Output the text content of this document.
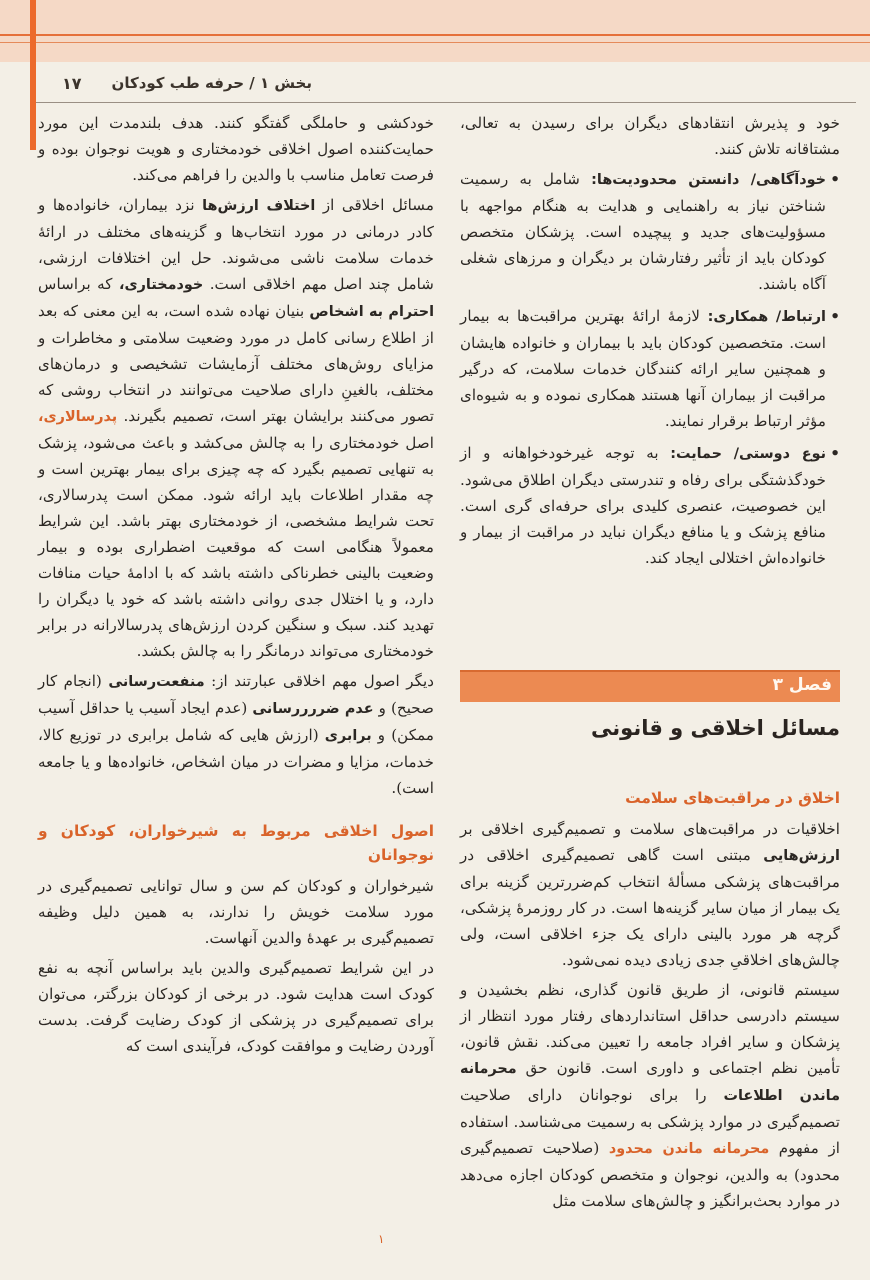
بخش ۱ / حرفه طب کودکان
۱۷

خود و پذیرش انتقادهای دیگران برای رسیدن به تعالی، مشتاقانه تلاش کنند.

•
خودآگاهی/ دانستن محدودیت‌ها: شامل به رسمیت شناختن نیاز به راهنمایی و هدایت به هنگام مواجهه با مسؤولیت‌های جدید و پیچیده است. پزشکان متخصص کودکان باید از تأثیر رفتارشان بر دیگران و مرزهای شغلی آگاه باشند.
•
ارتباط/ همکاری: لازمهٔ ارائهٔ بهترین مراقبت‌ها به بیمار است. متخصصین کودکان باید با بیماران و خانواده هایشان و همچنین سایر ارائه کنندگان خدمات سلامت، که درگیر مراقبت از بیماران آنها هستند همکاری نموده و به شیوه‌ای مؤثر ارتباط برقرار نمایند.
•
نوع دوستی/ حمایت: به توجه غیرخودخواهانه و از خودگذشتگی برای رفاه و تندرستی دیگران اطلاق می‌شود. این خصوصیت، عنصری کلیدی برای حرفه‌ای گری است. منافع پزشک و یا منافع دیگران نباید در مراقبت از بیمار و خانواده‌اش اختلالی ایجاد کند.
فصل ۳
مسائل اخلاقی و قانونی
اخلاق در مراقبت‌های سلامت

اخلاقیات در مراقبت‌های سلامت و تصمیم‌گیری اخلاقی بر ارزش‌هایی مبتنی است گاهی تصمیم‌گیری اخلاقی در مراقبت‌های پزشکی مسألهٔ انتخاب کم‌ضررترین گزینه برای یک بیمار از میان سایر گزینه‌ها است. در کار روزمرهٔ پزشکی، گرچه هر مورد بالینی دارای یک جزء اخلاقی است، ولی چالش‌های اخلاقیِ جدی زیادی دیده نمی‌شود.

سیستم قانونی، از طریق قانون گذاری، نظم بخشیدن و سیستم دادرسی حداقل استانداردهای رفتار مورد انتظار از پزشکان و سایر افراد جامعه را تعیین می‌کند. نقش قانون، تأمین نظم اجتماعی و داوری است. قانون حق محرمانه ماندن اطلاعات را برای نوجوانان دارای صلاحیت تصمیم‌گیری در موارد پزشکی به رسمیت می‌شناسد. استفاده از مفهوم محرمانه ماندن محدود (صلاحیت تصمیم‌گیری محدود) به والدین، نوجوان و متخصص کودکان اجازه می‌دهد در موارد بحث‌برانگیز و چالش‌های سلامت مثل

خودکشی و حاملگی گفتگو کنند. هدف بلندمدت این مورد حمایت‌کننده اصول اخلاقی خودمختاری و هویت نوجوان بوده و فرصت تعامل مناسب با والدین را فراهم می‌کند.

مسائل اخلاقی از اختلاف ارزش‌ها نزد بیماران، خانواده‌ها و کادر درمانی در مورد انتخاب‌ها و گزینه‌های مختلف در ارائهٔ خدمات سلامت ناشی می‌شوند. حل این اختلافات ارزشی، شامل چند اصل مهم اخلاقی است. خودمختاری، که براساس احترام به اشخاص بنیان نهاده شده است، به این معنی که بعد از اطلاع رسانی کامل در مورد وضعیت سلامتی و مخاطرات و مزایای روش‌های مختلف آزمایشات تشخیصی و درمان‌های مختلف، بالغینِ دارای صلاحیت می‌توانند در انتخاب روشی که تصور می‌کنند برایشان بهتر است، تصمیم بگیرند. پدرسالاری، اصل خودمختاری را به چالش می‌کشد و باعث می‌شود، پزشک به تنهایی تصمیم بگیرد که چه چیزی برای بیمار بهترین است و چه مقدار اطلاعات باید ارائه شود. ممکن است پدرسالاری، تحت شرایط مشخصی، از خودمختاری بهتر باشد. این شرایط معمولاً هنگامی است که موقعیت اضطراری بوده و بیمار وضعیت بالینی خطرناکی داشته باشد که با ادامهٔ حیات منافات دارد، و یا اختلال جدی روانی داشته باشد که خود یا دیگران را تهدید کند. سبک و سنگین کردن ارزش‌های پدرسالارانه در برابر خودمختاری می‌تواند درمانگر را به چالش بکشد.

دیگر اصول مهم اخلاقی عبارتند از: منفعت‌رسانی (انجام کار صحیح) و عدم ضررررسانی (عدم ایجاد آسیب یا حداقل آسیب ممکن) و برابری (ارزش هایی که شامل برابری در توزیع کالا، خدمات، مزایا و مضرات در میان اشخاص، خانواده‌ها و یا جامعه است).

اصول اخلاقی مربوط به شیرخواران، کودکان و نوجوانان

شیرخواران و کودکان کم سن و سال توانایی تصمیم‌گیری در مورد سلامت خویش را ندارند، به همین دلیل وظیفه تصمیم‌گیری بر عهدهٔ والدین آنهاست.

در این شرایط تصمیم‌گیری والدین باید براساس آنچه به نفع کودک است هدایت شود. در برخی از کودکان بزرگتر، می‌توان برای تصمیم‌گیری در پزشکی از کودک رضایت گرفت. بدست آوردن رضایت و موافقت کودک، فرآیندی است که

۱
